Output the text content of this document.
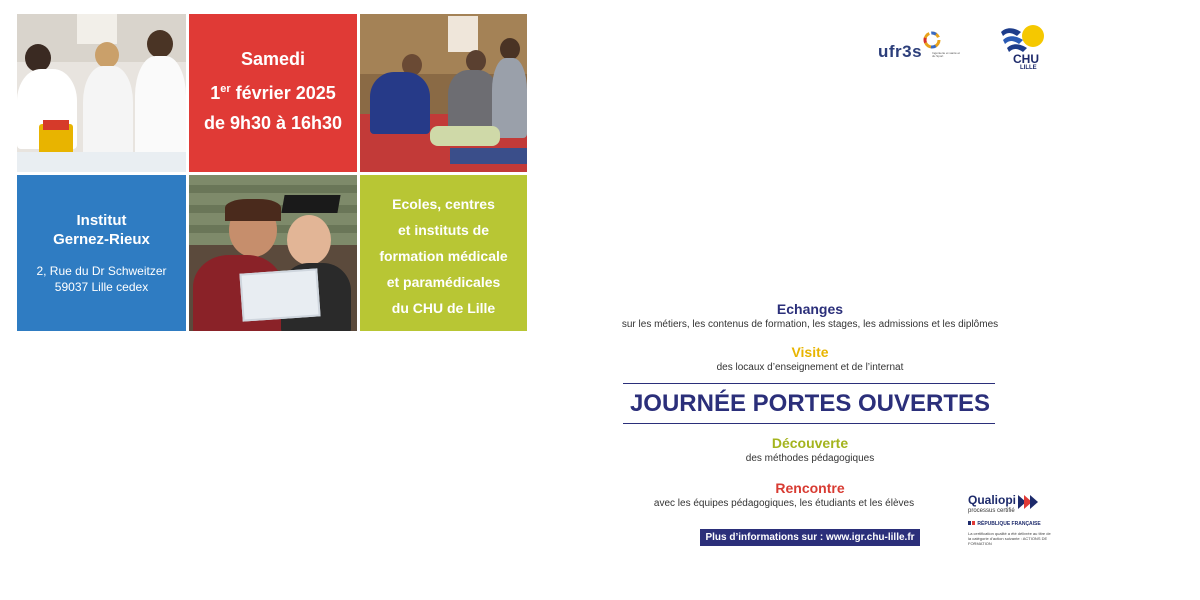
Samedi
1er février 2025
de 9h30 à 16h30
Institut
Gernez-Rieux
2, Rue du Dr Schweitzer
59037 Lille cedex
Ecoles, centres
et instituts de
formation médicale
et paramédicales
du CHU de Lille
ufr3s	Ingénierie et santé et du Sport	CHU
LILLE
Echanges
sur les métiers, les contenus de formation, les stages, les admissions et les diplômes
Visite
des locaux d’enseignement et de l’internat
JOURNÉE PORTES OUVERTES
Découverte
des méthodes pédagogiques
Rencontre
avec les équipes pédagogiques, les étudiants et les élèves
Plus d’informations sur : www.igr.chu-lille.fr
Qualiopi
processus certifié
RÉPUBLIQUE FRANÇAISE
La certification qualité a été délivrée au titre de la catégorie d’action suivante : ACTIONS DE FORMATION
